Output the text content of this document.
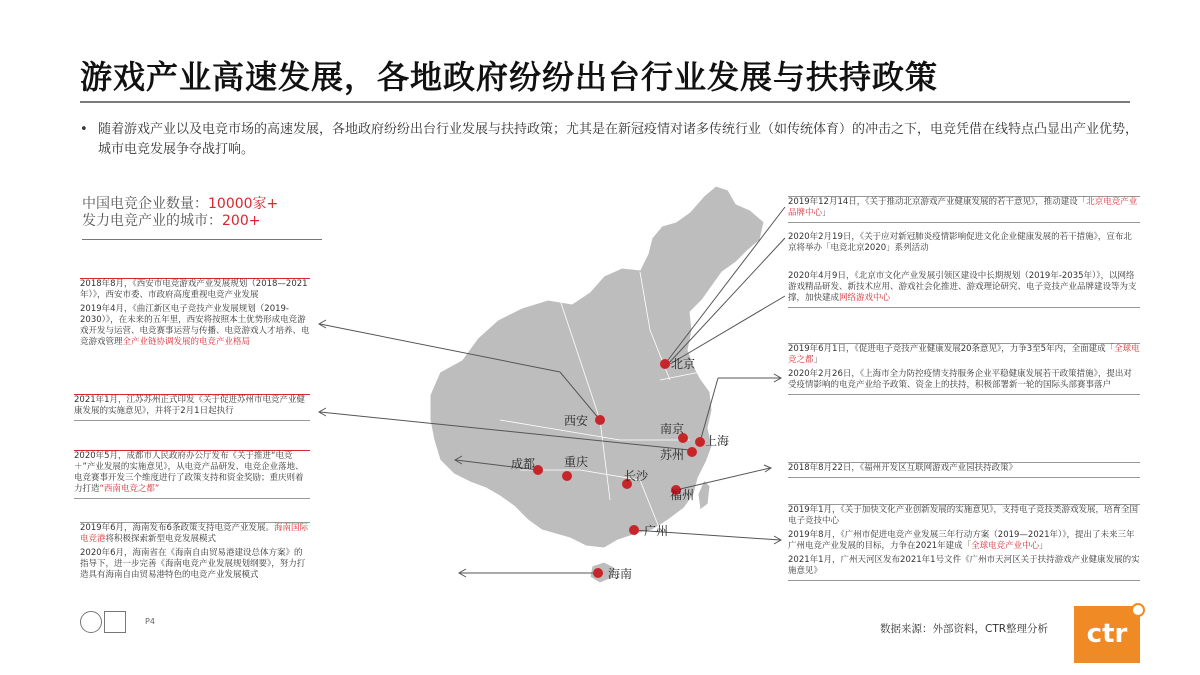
游戏产业高速发展，各地政府纷纷出台行业发展与扶持政策
• 随着游戏产业以及电竞市场的高速发展，各地政府纷纷出台行业发展与扶持政策；尤其是在新冠疫情对诸多传统行业（如传统体育）的冲击之下，电竞凭借在线特点凸显出产业优势，城市电竞发展争夺战打响。
中国电竞企业数量：10000家+
发力电竞产业的城市：200+
北京
西安
南京
上海
苏州
成都 重庆
长沙
福州
广州
海南

2018年8月，《西安市电竞游戏产业发展规划（2018—2021年）》，西安市委、市政府高度重视电竞产业发展

2019年4月，《曲江新区电子竞技产业发展规划（2019-2030）》，在未来的五年里，西安将按照本土优势形成电竞游戏开发与运营、电竞赛事运营与传播、电竞游戏人才培养、电竞游戏管理全产业链协调发展的电竞产业格局

2021年1月，江苏苏州正式印发《关于促进苏州市电竞产业健康发展的实施意见》，并将于2月1日起执行

2020年5月，成都市人民政府办公厅发布《关于推进“电竞＋”产业发展的实施意见》，从电竞产品研发、电竞企业落地、电竞赛事开发三个维度进行了政策支持和资金奖励；重庆则着力打造“西南电竞之都”

2019年6月，海南发布6条政策支持电竞产业发展。海南国际电竞港将积极探索新型电竞发展模式

2020年6月，海南省在《海南自由贸易港建设总体方案》的指导下，进一步完善《海南电竞产业发展规划纲要》，努力打造具有海南自由贸易港特色的电竞产业发展模式

2019年12月14日，《关于推动北京游戏产业健康发展的若干意见》，推动建设「北京电竞产业品牌中心」

2020年2月19日，《关于应对新冠肺炎疫情影响促进文化企业健康发展的若干措施》，宣布北京将举办「电竞北京2020」系列活动

2020年4月9日，《北京市文化产业发展引领区建设中长期规划（2019年-2035年）》，以网络游戏精品研发、新技术应用、游戏社会化推进、游戏理论研究、电子竞技产业品牌建设等为支撑，加快建成网络游戏中心

2019年6月1日，《促进电子竞技产业健康发展20条意见》，力争3至5年内，全面建成「全球电竞之都」

2020年2月26日，《上海市全力防控疫情支持服务企业平稳健康发展若干政策措施》，提出对受疫情影响的电竞产业给予政策、资金上的扶持，积极部署新一轮的国际头部赛事落户

2018年8月22日，《福州开发区互联网游戏产业园扶持政策》

2019年1月，《关于加快文化产业创新发展的实施意见》，支持电子竞技类游戏发展，培育全国电子竞技中心

2019年8月，《广州市促进电竞产业发展三年行动方案（2019—2021年）》，提出了未来三年广州电竞产业发展的目标，力争在2021年建成「全球电竞产业中心」

2021年1月，广州天河区发布2021年1号文件《广州市天河区关于扶持游戏产业健康发展的实施意见》

P4
数据来源：外部资料，CTR整理分析	ctr
